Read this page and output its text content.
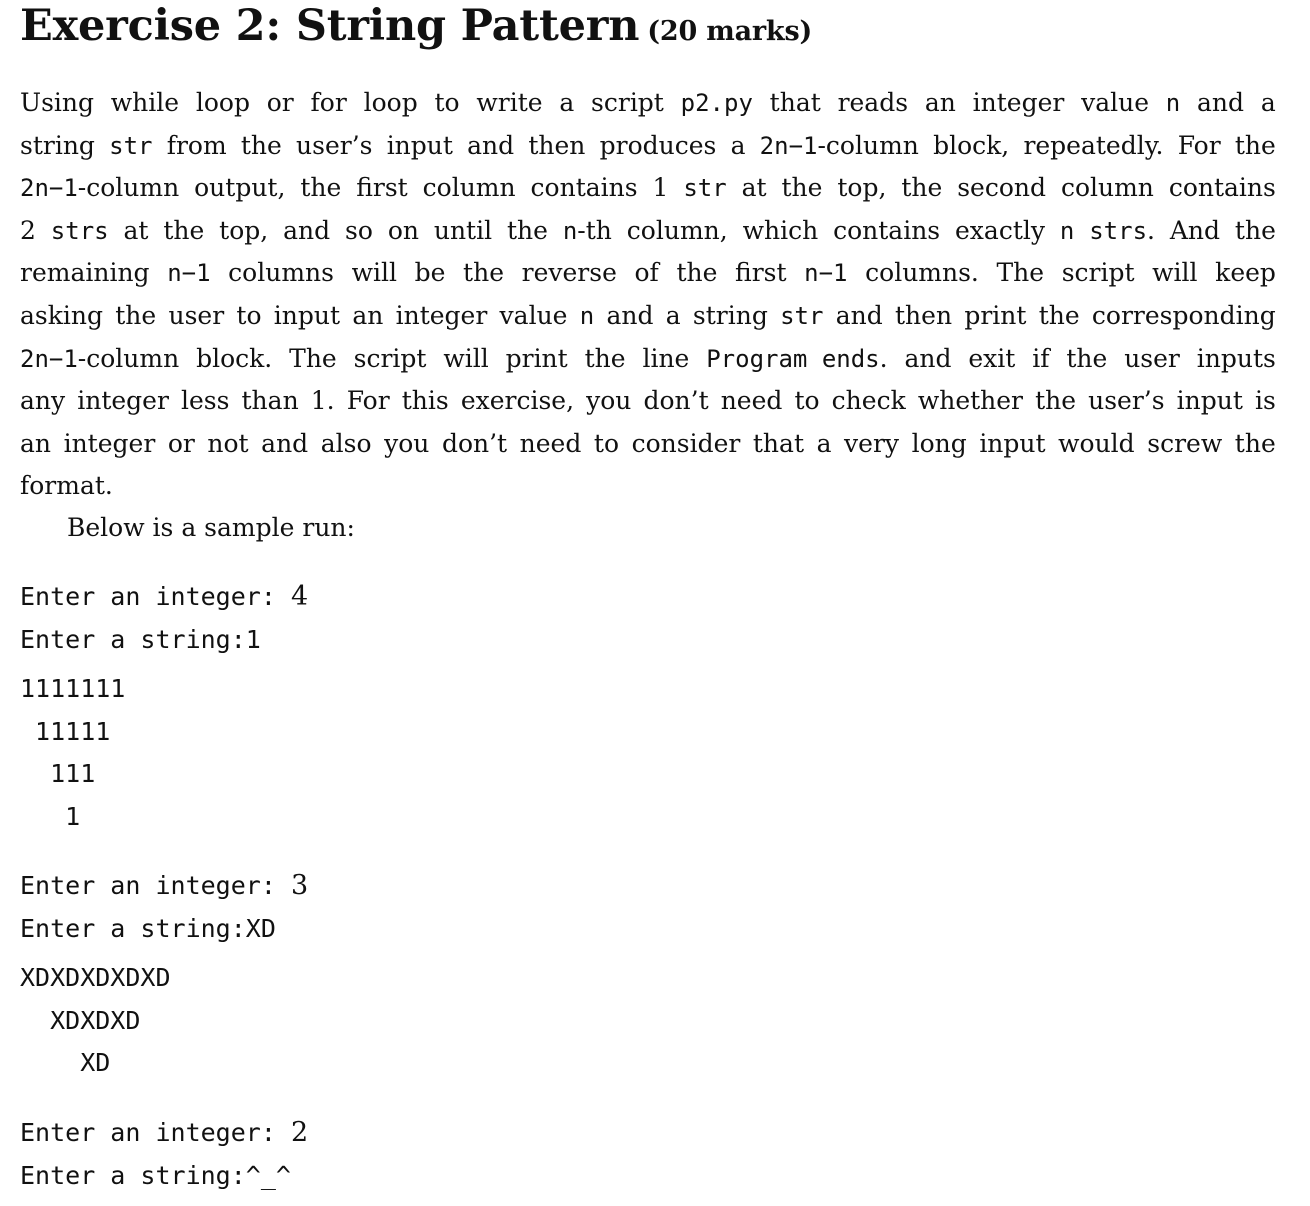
Exercise 2: String Pattern (20 marks)
Using while loop or for loop to write a script p2.py that reads an integer value n and a
string str from the user’s input and then produces a 2n−1-column block, repeatedly. For the
2n−1-column output, the first column contains 1 str at the top, the second column contains
2 strs at the top, and so on until the n-th column, which contains exactly n strs. And the
remaining n−1 columns will be the reverse of the first n−1 columns. The script will keep
asking the user to input an integer value n and a string str and then print the corresponding
2n−1-column block. The script will print the line Program ends. and exit if the user inputs
any integer less than 1. For this exercise, you don’t need to check whether the user’s input is
an integer or not and also you don’t need to consider that a very long input would screw the
format.
Below is a sample run:
Enter an integer: 4
Enter a string:1
1111111
11111
111
1
Enter an integer: 3
Enter a string:XD
XDXDXDXDXD
XDXDXD
XD
Enter an integer: 2
Enter a string:^_^
